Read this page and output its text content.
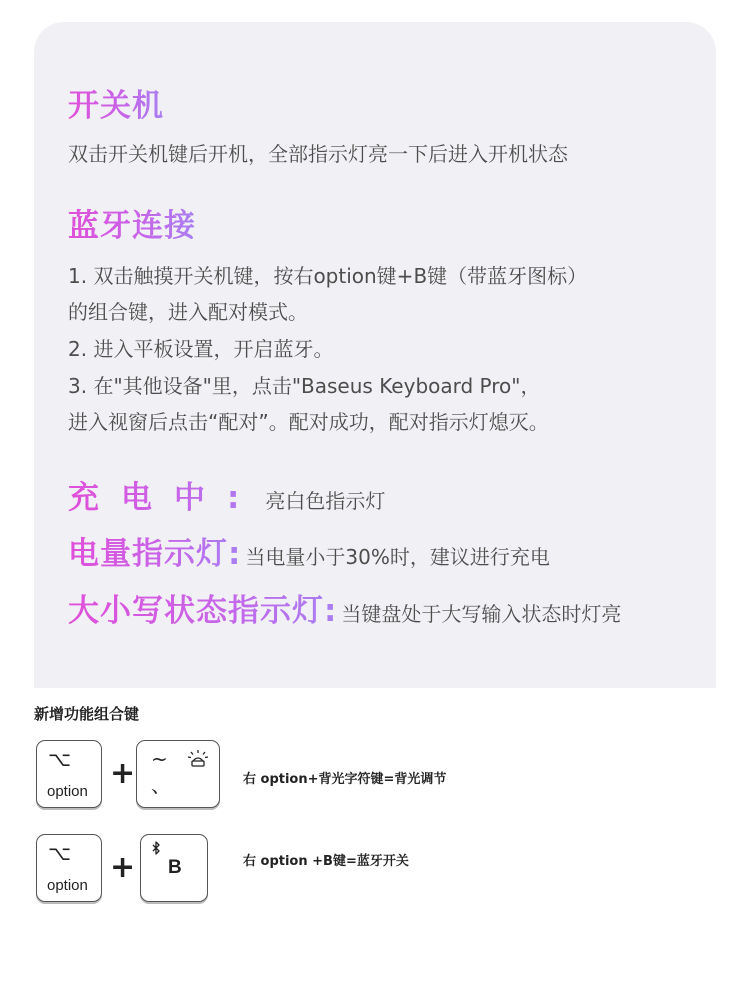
开关机
双击开关机键后开机，全部指示灯亮一下后进入开机状态
蓝牙连接
1. 双击触摸开关机键，按右option键+B键（带蓝牙图标）
的组合键，进入配对模式。
2. 进入平板设置，开启蓝牙。
3. 在"其他设备"里，点击"Baseus Keyboard Pro"，
进入视窗后点击“配对”。配对成功，配对指示灯熄灭。
充电中: 亮白色指示灯
电量指示灯: 当电量小于30%时，建议进行充电
大小写状态指示灯: 当键盘处于大写输入状态时灯亮
新增功能组合键
⌥
option
+ ~
、	右 option+背光字符键=背光调节
⌥
option
+ B	右 option +B键=蓝牙开关
